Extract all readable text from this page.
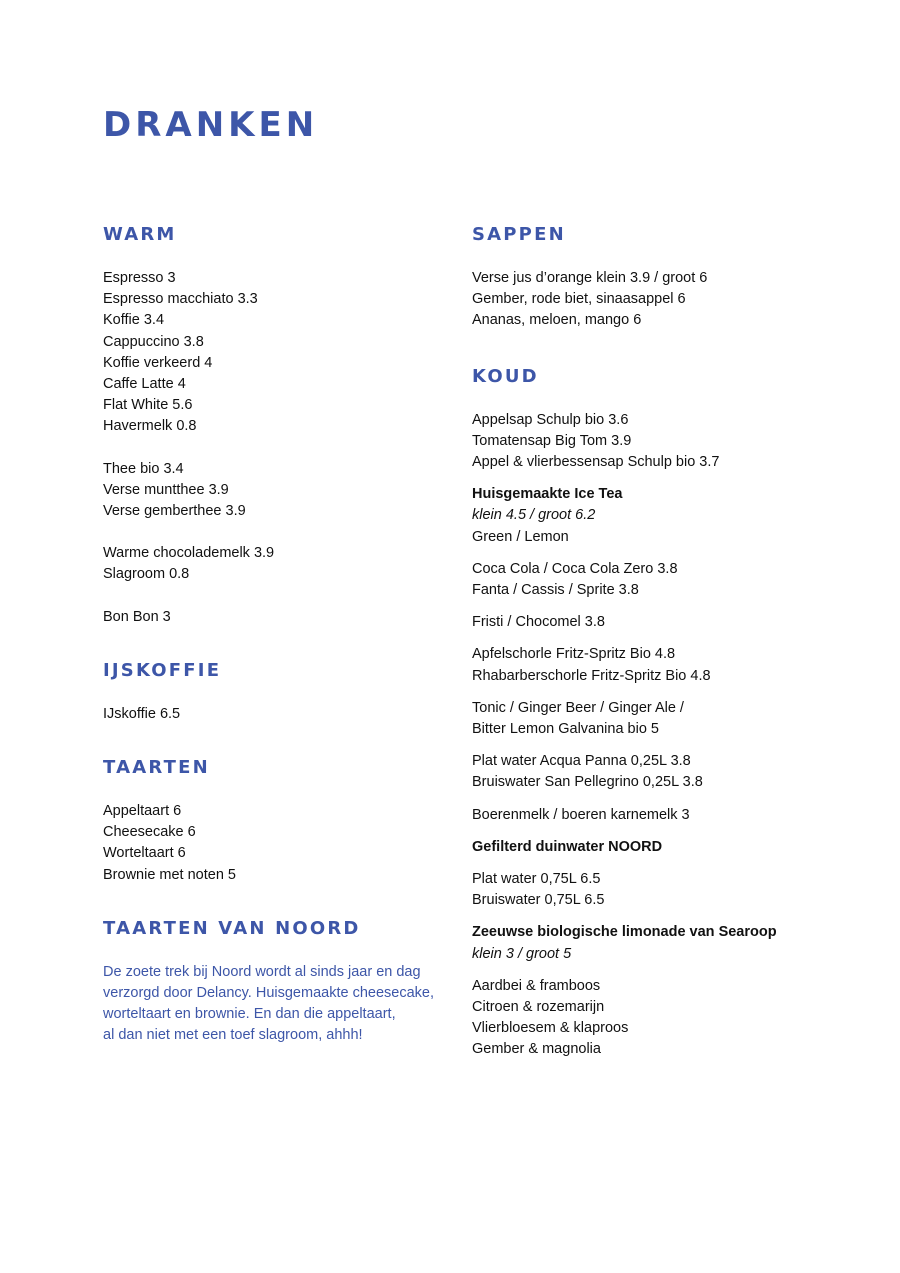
DRANKEN
WARM
Espresso 3
Espresso macchiato 3.3
Koffie 3.4
Cappuccino 3.8
Koffie verkeerd 4
Caffe Latte 4
Flat White 5.6
Havermelk 0.8
Thee bio 3.4
Verse muntthee 3.9
Verse gemberthee 3.9
Warme chocolademelk 3.9
Slagroom 0.8
Bon Bon 3
IJSKOFFIE
IJskoffie 6.5
TAARTEN
Appeltaart 6
Cheesecake 6
Worteltaart 6
Brownie met noten 5
TAARTEN VAN NOORD
De zoete trek bij Noord wordt al sinds jaar en dag
verzorgd door Delancy. Huisgemaakte cheesecake,
worteltaart en brownie. En dan die appeltaart,
al dan niet met een toef slagroom, ahhh!
SAPPEN
Verse jus d’orange klein 3.9 / groot 6
Gember, rode biet, sinaasappel 6
Ananas, meloen, mango 6
KOUD
Appelsap Schulp bio 3.6
Tomatensap Big Tom 3.9
Appel & vlierbessensap Schulp bio 3.7
Huisgemaakte Ice Tea
klein 4.5 / groot 6.2
Green / Lemon
Coca Cola / Coca Cola Zero 3.8
Fanta / Cassis / Sprite 3.8
Fristi / Chocomel 3.8
Apfelschorle Fritz-Spritz Bio 4.8
Rhabarberschorle Fritz-Spritz Bio 4.8
Tonic / Ginger Beer / Ginger Ale /
Bitter Lemon Galvanina bio 5
Plat water Acqua Panna 0,25L 3.8
Bruiswater San Pellegrino 0,25L 3.8
Boerenmelk / boeren karnemelk 3
Gefilterd duinwater NOORD
Plat water 0,75L 6.5
Bruiswater 0,75L 6.5
Zeeuwse biologische limonade van Searoop
klein 3 / groot 5
Aardbei & framboos
Citroen & rozemarijn
Vlierbloesem & klaproos
Gember & magnolia
